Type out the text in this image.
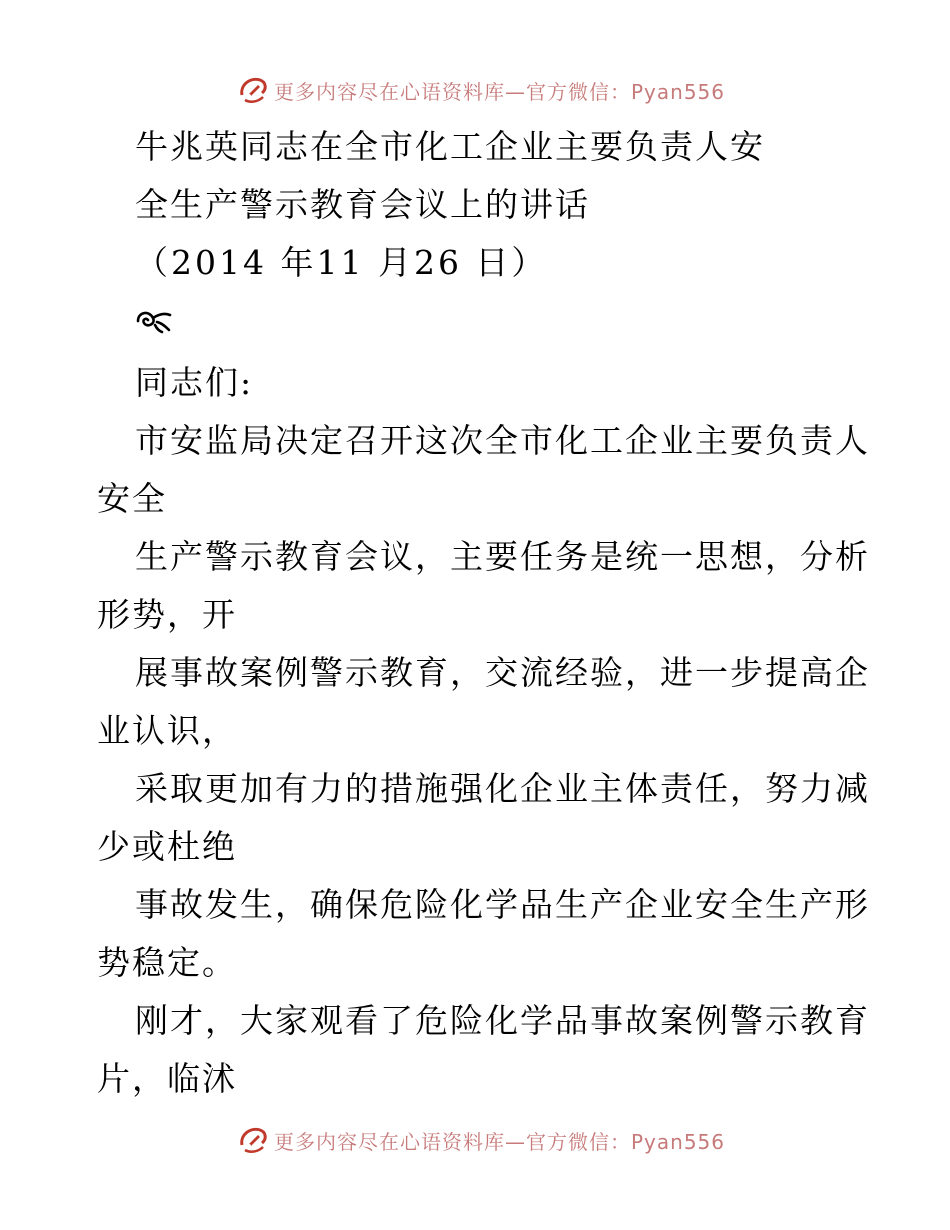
更多内容尽在心语资料库—官方微信：Pyan556
牛兆英同志在全市化工企业主要负责人安
全生产警示教育会议上的讲话
（2014 年11 月26 日）
同志们:
市安监局决定召开这次全市化工企业主要负责人
安全
生产警示教育会议，主要任务是统一思想，分析
形势，开
展事故案例警示教育，交流经验，进一步提高企
业认识，
采取更加有力的措施强化企业主体责任，努力减
少或杜绝
事故发生，确保危险化学品生产企业安全生产形
势稳定。
刚才，大家观看了危险化学品事故案例警示教育
片，临沭
更多内容尽在心语资料库—官方微信：Pyan556
